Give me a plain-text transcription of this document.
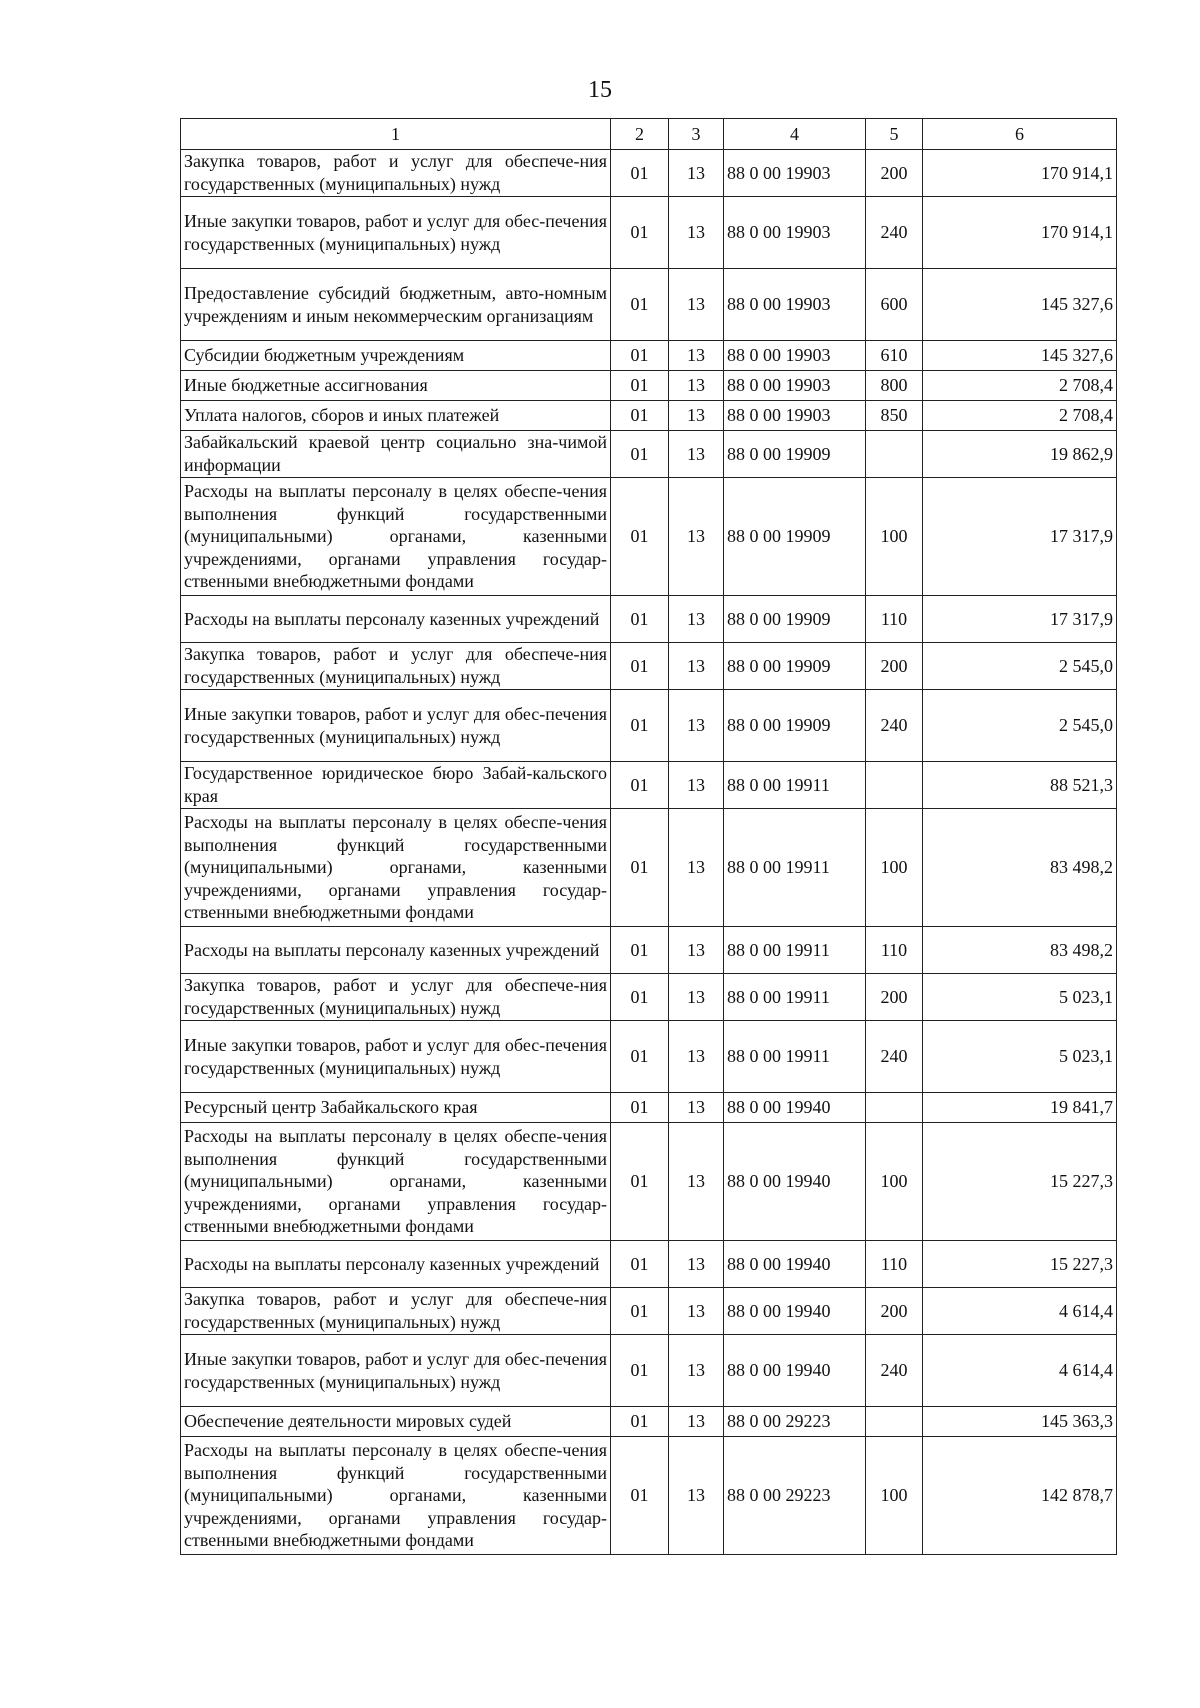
15
1	2	3	4	5	6
Закупка товаров, работ и услуг для обеспече-ния государственных (муниципальных) нужд	01	13	88 0 00 19903	200	170 914,1
Иные закупки товаров, работ и услуг для обес-печения государственных (муниципальных) нужд	01	13	88 0 00 19903	240	170 914,1
Предоставление субсидий бюджетным, авто-номным учреждениям и иным некоммерческим организациям	01	13	88 0 00 19903	600	145 327,6
Субсидии бюджетным учреждениям	01	13	88 0 00 19903	610	145 327,6
Иные бюджетные ассигнования	01	13	88 0 00 19903	800	2 708,4
Уплата налогов, сборов и иных платежей	01	13	88 0 00 19903	850	2 708,4
Забайкальский краевой центр социально зна-чимой информации	01	13	88 0 00 19909		19 862,9
Расходы на выплаты персоналу в целях обеспе-чения выполнения функций государственными (муниципальными) органами, казенными учреждениями, органами управления государ-ственными внебюджетными фондами	01	13	88 0 00 19909	100	17 317,9
Расходы на выплаты персоналу казенных учреждений	01	13	88 0 00 19909	110	17 317,9
Закупка товаров, работ и услуг для обеспече-ния государственных (муниципальных) нужд	01	13	88 0 00 19909	200	2 545,0
Иные закупки товаров, работ и услуг для обес-печения государственных (муниципальных) нужд	01	13	88 0 00 19909	240	2 545,0
Государственное юридическое бюро Забай-кальского края	01	13	88 0 00 19911		88 521,3
Расходы на выплаты персоналу в целях обеспе-чения выполнения функций государственными (муниципальными) органами, казенными учреждениями, органами управления государ-ственными внебюджетными фондами	01	13	88 0 00 19911	100	83 498,2
Расходы на выплаты персоналу казенных учреждений	01	13	88 0 00 19911	110	83 498,2
Закупка товаров, работ и услуг для обеспече-ния государственных (муниципальных) нужд	01	13	88 0 00 19911	200	5 023,1
Иные закупки товаров, работ и услуг для обес-печения государственных (муниципальных) нужд	01	13	88 0 00 19911	240	5 023,1
Ресурсный центр Забайкальского края	01	13	88 0 00 19940		19 841,7
Расходы на выплаты персоналу в целях обеспе-чения выполнения функций государственными (муниципальными) органами, казенными учреждениями, органами управления государ-ственными внебюджетными фондами	01	13	88 0 00 19940	100	15 227,3
Расходы на выплаты персоналу казенных учреждений	01	13	88 0 00 19940	110	15 227,3
Закупка товаров, работ и услуг для обеспече-ния государственных (муниципальных) нужд	01	13	88 0 00 19940	200	4 614,4
Иные закупки товаров, работ и услуг для обес-печения государственных (муниципальных) нужд	01	13	88 0 00 19940	240	4 614,4
Обеспечение деятельности мировых судей	01	13	88 0 00 29223		145 363,3
Расходы на выплаты персоналу в целях обеспе-чения выполнения функций государственными (муниципальными) органами, казенными учреждениями, органами управления государ-ственными внебюджетными фондами	01	13	88 0 00 29223	100	142 878,7
